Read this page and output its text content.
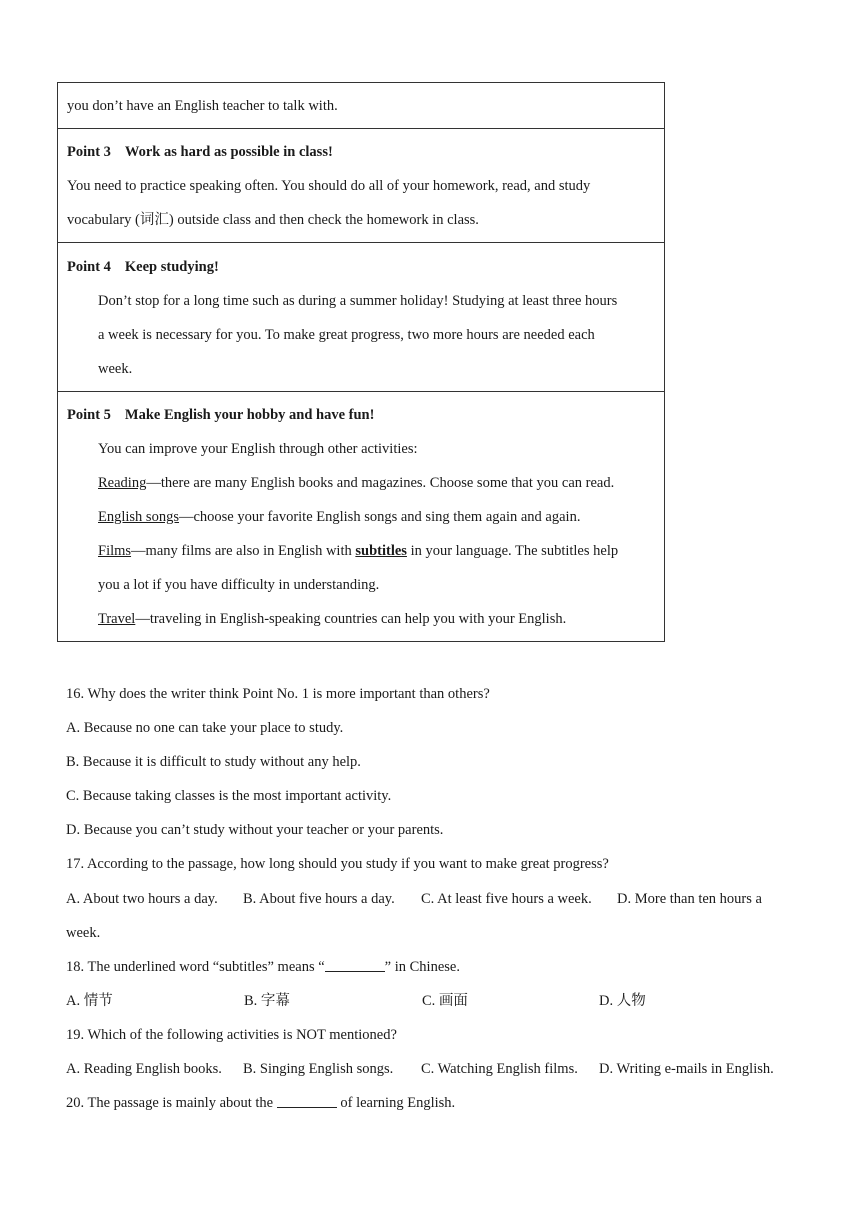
you don’t have an English teacher to talk with.
Point 3 Work as hard as possible in class!
You need to practice speaking often. You should do all of your homework, read, and study
vocabulary (词汇) outside class and then check the homework in class.
Point 4 Keep studying!
Don’t stop for a long time such as during a summer holiday! Studying at least three hours
a week is necessary for you. To make great progress, two more hours are needed each
week.
Point 5 Make English your hobby and have fun!
You can improve your English through other activities:
Reading—there are many English books and magazines. Choose some that you can read.
English songs—choose your favorite English songs and sing them again and again.
Films—many films are also in English with subtitles in your language. The subtitles help
you a lot if you have difficulty in understanding.
Travel—traveling in English-speaking countries can help you with your English.
16. Why does the writer think Point No. 1 is more important than others?
A. Because no one can take your place to study.
B. Because it is difficult to study without any help.
C. Because taking classes is the most important activity.
D. Because you can’t study without your teacher or your parents.
17. According to the passage, how long should you study if you want to make great progress?
A. About two hours a day.	B. About five hours a day.	C. At least five hours a week.	D. More than ten hours a
week.
18. The underlined word “subtitles” means “	” in Chinese.
A. 情节	B. 字幕	C. 画面	D. 人物
19. Which of the following activities is NOT mentioned?
A. Reading English books.	B. Singing English songs.	C. Watching English films.	D. Writing e-mails in English.
20. The passage is mainly about the	of learning English.
